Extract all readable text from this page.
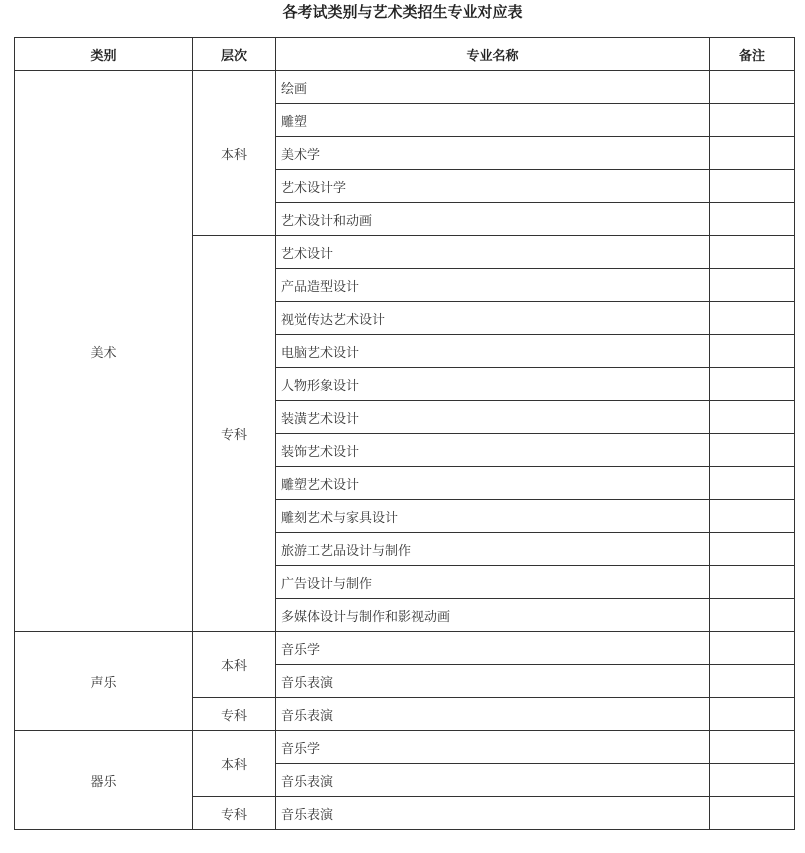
各考试类别与艺术类招生专业对应表
类别	层次	专业名称	备注
美术	本科	绘画	
		雕塑	
		美术学	
		艺术设计学	
		艺术设计和动画	
	专科	艺术设计	
		产品造型设计	
		视觉传达艺术设计	
		电脑艺术设计	
		人物形象设计	
		装潢艺术设计	
		装饰艺术设计	
		雕塑艺术设计	
		雕刻艺术与家具设计	
		旅游工艺品设计与制作	
		广告设计与制作	
		多媒体设计与制作和影视动画	
声乐	本科	音乐学	
		音乐表演	
	专科	音乐表演	
器乐	本科	音乐学	
		音乐表演	
	专科	音乐表演	
